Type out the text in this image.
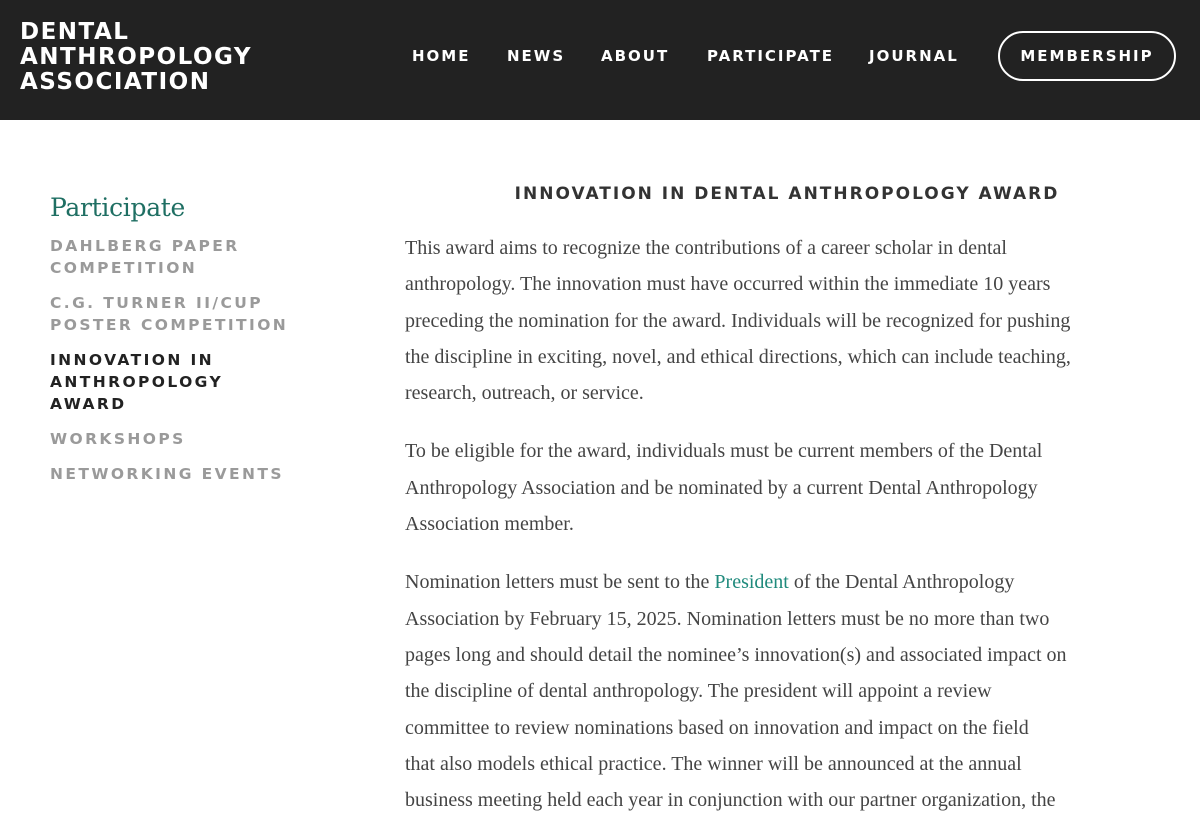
DENTAL
ANTHROPOLOGY
ASSOCIATION
HOME NEWS ABOUT	PARTICIPATE JOURNAL	MEMBERSHIP
Participate
DAHLBERG PAPER
COMPETITION
C.G. TURNER II/CUP
POSTER COMPETITION
INNOVATION IN
ANTHROPOLOGY
AWARD
WORKSHOPS
NETWORKING EVENTS
INNOVATION IN DENTAL ANTHROPOLOGY AWARD

This award aims to recognize the contributions of a career scholar in dental
anthropology. The innovation must have occurred within the immediate 10 years
preceding the nomination for the award. Individuals will be recognized for pushing
the discipline in exciting, novel, and ethical directions, which can include teaching,
research, outreach, or service.

To be eligible for the award, individuals must be current members of the Dental
Anthropology Association and be nominated by a current Dental Anthropology
Association member.

Nomination letters must be sent to the President of the Dental Anthropology
Association by February 15, 2025. Nomination letters must be no more than two
pages long and should detail the nominee’s innovation(s) and associated impact on
the discipline of dental anthropology. The president will appoint a review
committee to review nominations based on innovation and impact on the field
that also models ethical practice. The winner will be announced at the annual
business meeting held each year in conjunction with our partner organization, the
